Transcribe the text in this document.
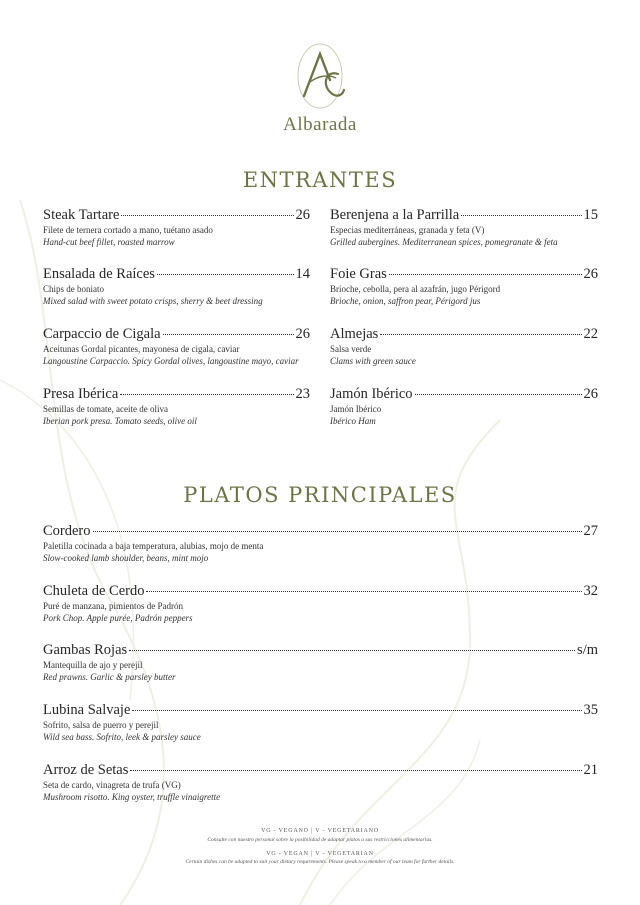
Albarada
ENTRANTES
Steak Tartare	26
Filete de ternera cortado a mano, tuétano asado
Hand-cut beef fillet, roasted marrow
Berenjena a la Parrilla	15
Especias mediterráneas, granada y feta (V)
Grilled aubergines. Mediterranean spices, pomegranate & feta
Ensalada de Raíces	14
Chips de boniato
Mixed salad with sweet potato crisps, sherry & beet dressing
Foie Gras	26
Brioche, cebolla, pera al azafrán, jugo Périgord
Brioche, onion, saffron pear, Périgord jus
Carpaccio de Cigala	26
Aceitunas Gordal picantes, mayonesa de cigala, caviar
Langoustine Carpaccio. Spicy Gordal olives, langoustine mayo, caviar
Almejas	22
Salsa verde
Clams with green sauce
Presa Ibérica	23
Semillas de tomate, aceite de oliva
Iberian pork presa. Tomato seeds, olive oil
Jamón Ibérico	26
Jamón Ibérico
Ibérico Ham
PLATOS PRINCIPALES
Cordero	27
Paletilla cocinada a baja temperatura, alubias, mojo de menta
Slow-cooked lamb shoulder, beans, mint mojo
Chuleta de Cerdo	32
Puré de manzana, pimientos de Padrón
Pork Chop. Apple purée, Padrón peppers
Gambas Rojas	s/m
Mantequilla de ajo y perejil
Red prawns. Garlic & parsley butter
Lubina Salvaje	35
Sofrito, salsa de puerro y perejil
Wild sea bass. Sofrito, leek & parsley sauce
Arroz de Setas	21
Seta de cardo, vinagreta de trufa (VG)
Mushroom risotto. King oyster, truffle vinaigrette
VG - VEGANO | V - VEGETARIANO
Consulte con nuestro personal sobre la posibilidad de adaptar platos a sus restricciones alimentarias.
VG - VEGAN | V - VEGETARIAN
Certain dishes can be adapted to suit your dietary requirements. Please speak to a member of our team for further details.
